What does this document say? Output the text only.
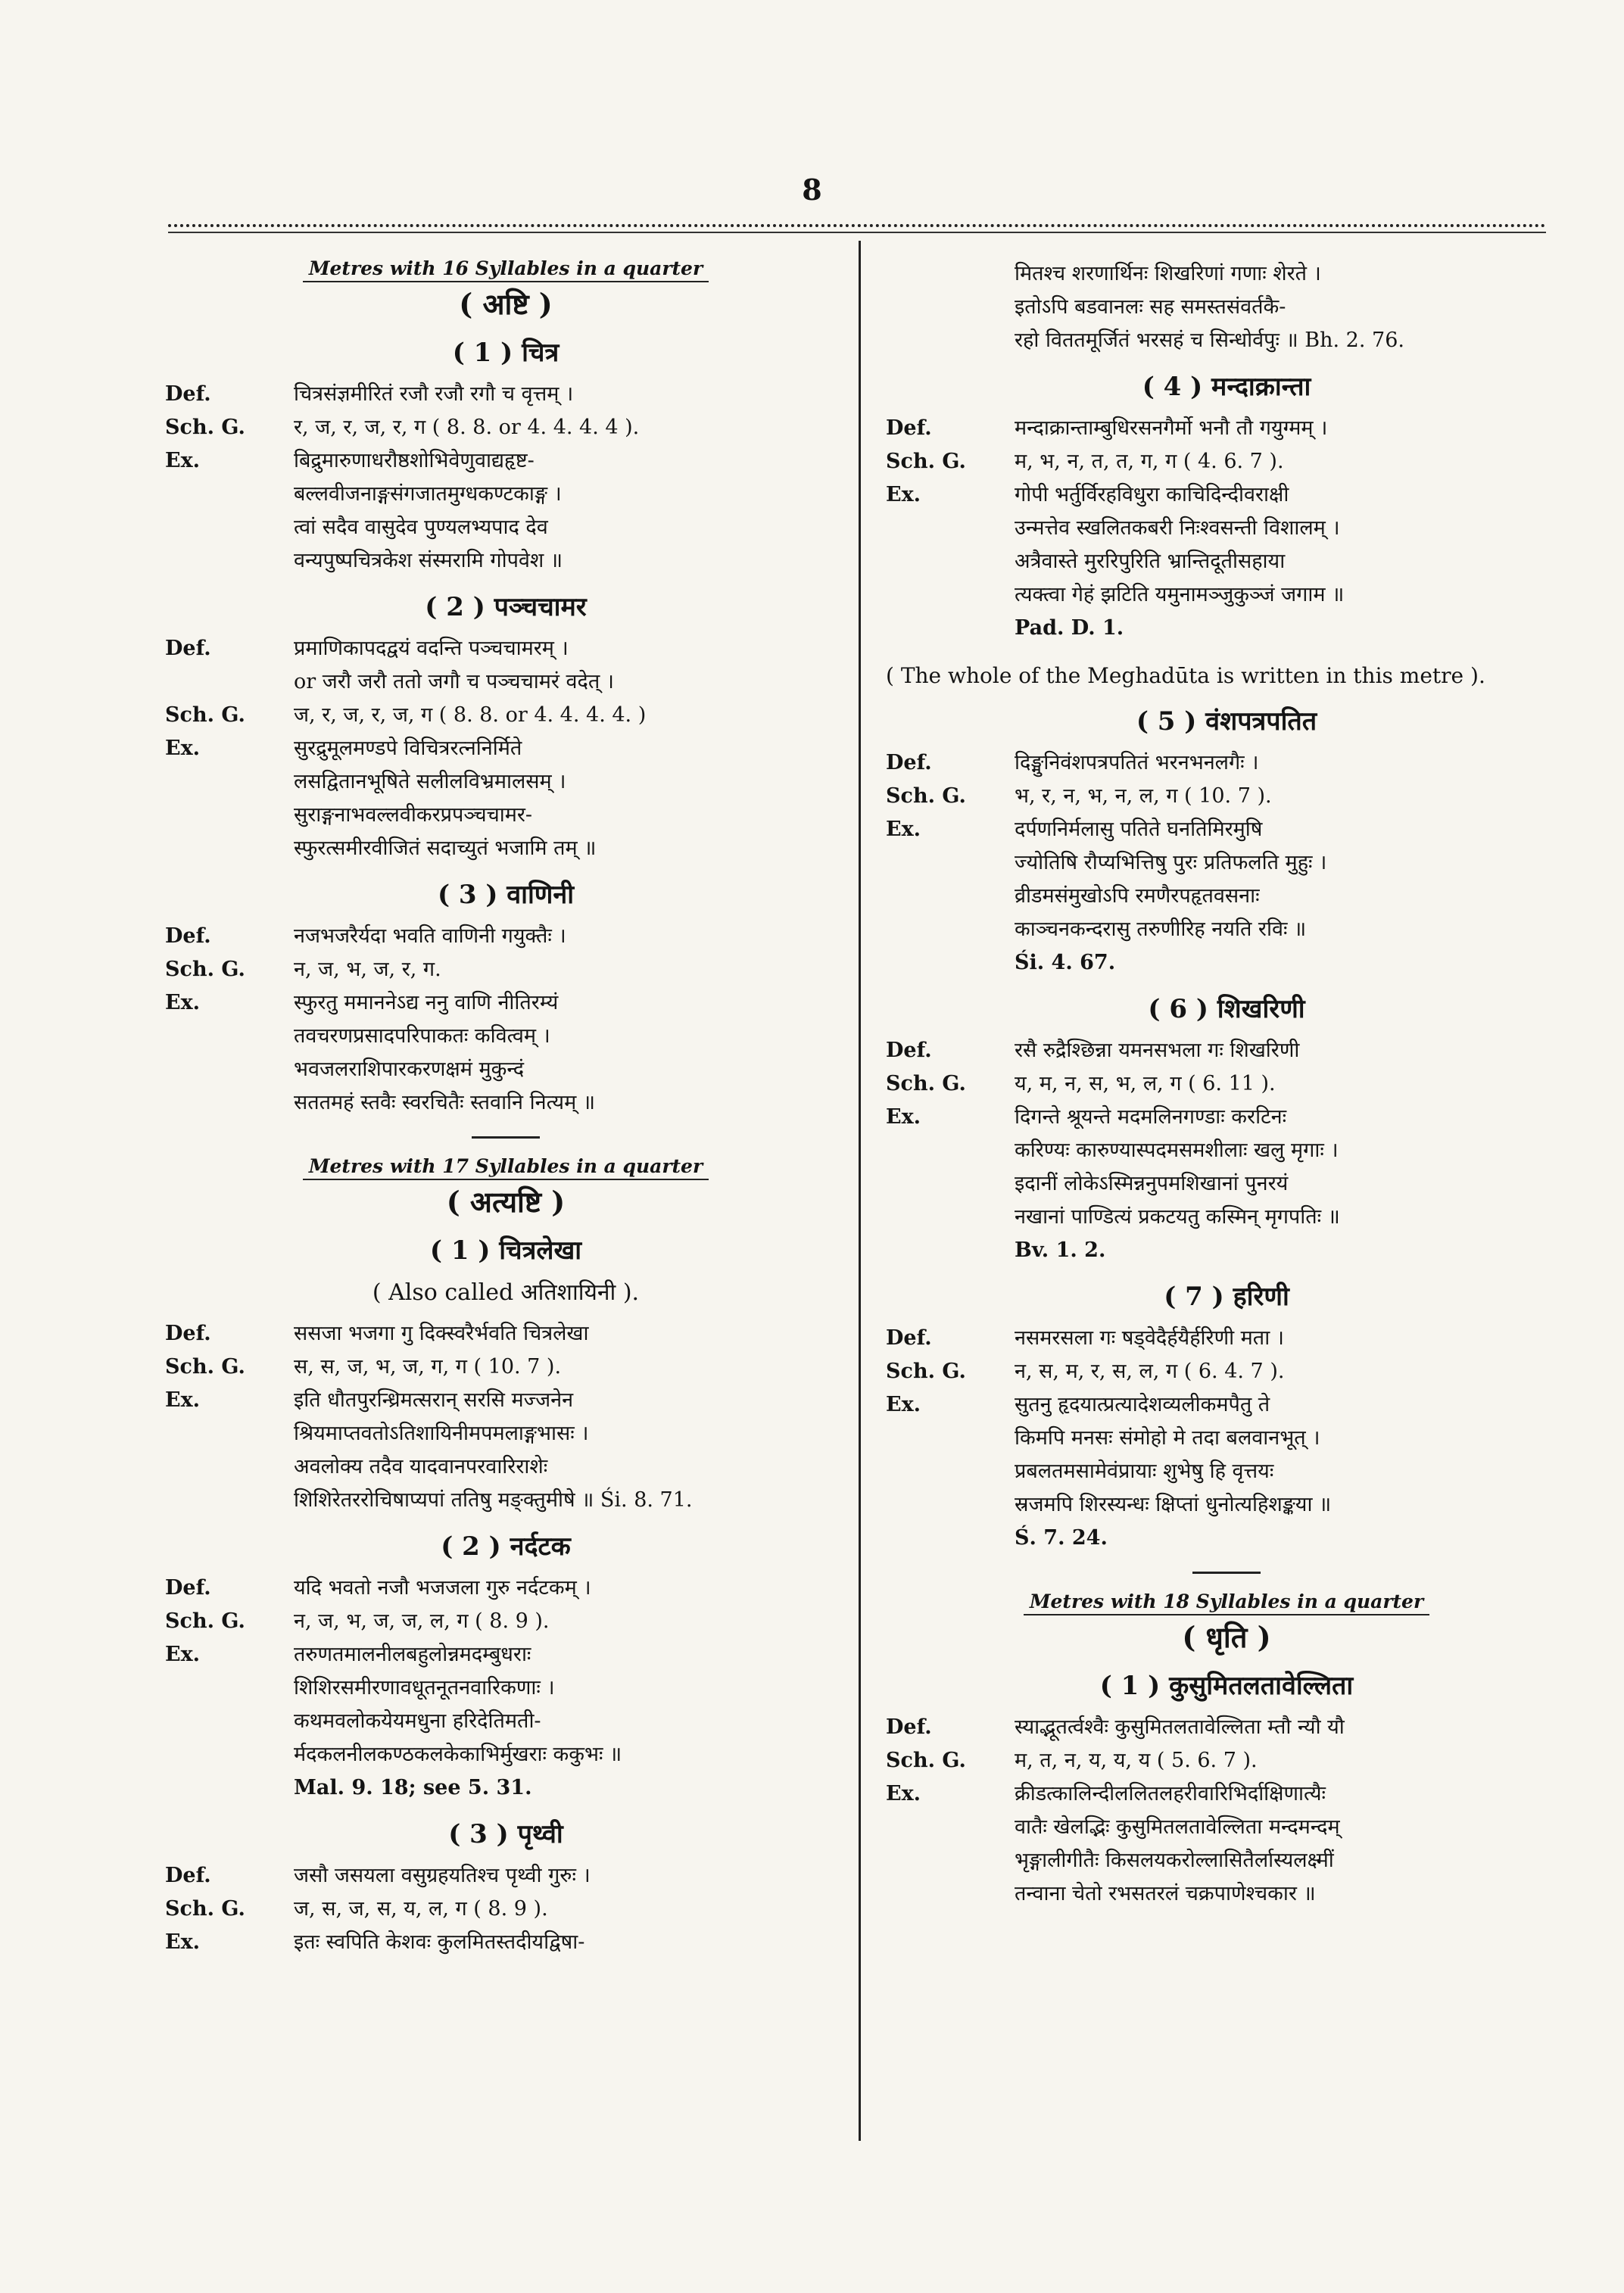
8
Metres with 16 Syllables in a quarter
( अष्टि )
( 1 ) चित्र
Def.	चित्रसंज्ञमीरितं रजौ रजौ रगौ च वृत्तम् ।
Sch. G.	र, ज, र, ज, र, ग ( 8. 8. or 4. 4. 4. 4 ).
Ex.	बिद्रुमारुणाधरौष्ठशोभिवेणुवाद्यहृष्ट-
बल्लवीजनाङ्गसंगजातमुग्धकण्टकाङ्ग ।
त्वां सदैव वासुदेव पुण्यलभ्यपाद देव
वन्यपुष्पचित्रकेश संस्मरामि गोपवेश ॥
( 2 ) पञ्चचामर
Def.	प्रमाणिकापदद्वयं वदन्ति पञ्चचामरम् ।
or जरौ जरौ ततो जगौ च पञ्चचामरं वदेत् ।
Sch. G.	ज, र, ज, र, ज, ग ( 8. 8. or 4. 4. 4. 4. )
Ex.	सुरद्रुमूलमण्डपे विचित्ररत्ननिर्मिते
लसद्वितानभूषिते सलीलविभ्रमालसम् ।
सुराङ्गनाभवल्लवीकरप्रपञ्चचामर-
स्फुरत्समीरवीजितं सदाच्युतं भजामि तम् ॥
( 3 ) वाणिनी
Def.	नजभजरैर्यदा भवति वाणिनी गयुक्तैः ।
Sch. G.	न, ज, भ, ज, र, ग.
Ex.	स्फुरतु ममाननेऽद्य ननु वाणि नीतिरम्यं
तवचरणप्रसादपरिपाकतः कवित्वम् ।
भवजलराशिपारकरणक्षमं मुकुन्दं
सततमहं स्तवैः स्वरचितैः स्तवानि नित्यम् ॥
Metres with 17 Syllables in a quarter
( अत्यष्टि )
( 1 ) चित्रलेखा
( Also called अतिशायिनी ).
Def.	ससजा भजगा गु दिक्स्वरैर्भवति चित्रलेखा
Sch. G.	स, स, ज, भ, ज, ग, ग ( 10. 7 ).
Ex.	इति धौतपुरन्ध्रिमत्सरान् सरसि मज्जनेन
श्रियमाप्तवतोऽतिशायिनीमपमलाङ्गभासः ।
अवलोक्य तदैव यादवानपरवारिराशेः
शिशिरेतररोचिषाप्यपां ततिषु मङ्क्तुमीषे ॥ Śi. 8. 71.
( 2 ) नर्दटक
Def.	यदि भवतो नजौ भजजला गुरु नर्दटकम् ।
Sch. G.	न, ज, भ, ज, ज, ल, ग ( 8. 9 ).
Ex.	तरुणतमालनीलबहुलोन्नमदम्बुधराः
शिशिरसमीरणावधूतनूतनवारिकणाः ।
कथमवलोकयेयमधुना हरिदेतिमती-
र्मदकलनीलकण्ठकलकेकाभिर्मुखराः ककुभः ॥
Mal. 9. 18; see 5. 31.
( 3 ) पृथ्वी
Def.	जसौ जसयला वसुग्रहयतिश्च पृथ्वी गुरुः ।
Sch. G.	ज, स, ज, स, य, ल, ग ( 8. 9 ).
Ex.	इतः स्वपिति केशवः कुलमितस्तदीयद्विषा-
मितश्च शरणार्थिनः शिखरिणां गणाः शेरते ।
इतोऽपि बडवानलः सह समस्तसंवर्तकै-
रहो विततमूर्जितं भरसहं च सिन्धोर्वपुः ॥ Bh. 2. 76.
( 4 ) मन्दाक्रान्ता
Def.	मन्दाक्रान्ताम्बुधिरसनगैर्मो भनौ तौ गयुग्मम् ।
Sch. G.	म, भ, न, त, त, ग, ग ( 4. 6. 7 ).
Ex.	गोपी भर्तुर्विरहविधुरा काचिदिन्दीवराक्षी
उन्मत्तेव स्खलितकबरी निःश्वसन्ती विशालम् ।
अत्रैवास्ते मुररिपुरिति भ्रान्तिदूतीसहाया
त्यक्त्वा गेहं झटिति यमुनामञ्जुकुञ्जं जगाम ॥
Pad. D. 1.
( The whole of the Meghadūta is written in this metre ).
( 5 ) वंशपत्रपतित
Def.	दिङ्मुनिवंशपत्रपतितं भरनभनलगैः ।
Sch. G.	भ, र, न, भ, न, ल, ग ( 10. 7 ).
Ex.	दर्पणनिर्मलासु पतिते घनतिमिरमुषि
ज्योतिषि रौप्यभित्तिषु पुरः प्रतिफलति मुहुः ।
व्रीडमसंमुखोऽपि रमणैरपहृतवसनाः
काञ्चनकन्दरासु तरुणीरिह नयति रविः ॥
Śi. 4. 67.
( 6 ) शिखरिणी
Def.	रसै रुद्रैश्छिन्ना यमनसभला गः शिखरिणी
Sch. G.	य, म, न, स, भ, ल, ग ( 6. 11 ).
Ex.	दिगन्ते श्रूयन्ते मदमलिनगण्डाः करटिनः
करिण्यः कारुण्यास्पदमसमशीलाः खलु मृगाः ।
इदानीं लोकेऽस्मिन्ननुपमशिखानां पुनरयं
नखानां पाण्डित्यं प्रकटयतु कस्मिन् मृगपतिः ॥
Bv. 1. 2.
( 7 ) हरिणी
Def.	नसमरसला गः षड्वेदैर्हयैर्हरिणी मता ।
Sch. G.	न, स, म, र, स, ल, ग ( 6. 4. 7 ).
Ex.	सुतनु हृदयात्प्रत्यादेशव्यलीकमपैतु ते
किमपि मनसः संमोहो मे तदा बलवानभूत् ।
प्रबलतमसामेवंप्रायाः शुभेषु हि वृत्तयः
स्रजमपि शिरस्यन्धः क्षिप्तां धुनोत्यहिशङ्कया ॥
Ś. 7. 24.
Metres with 18 Syllables in a quarter
( धृति )
( 1 ) कुसुमितलतावेल्लिता
Def.	स्याद्भूतर्त्वश्वैः कुसुमितलतावेल्लिता म्तौ न्यौ यौ
Sch. G.	म, त, न, य, य, य ( 5. 6. 7 ).
Ex.	क्रीडत्कालिन्दीललितलहरीवारिभिर्दाक्षिणात्यैः
वातैः खेलद्भिः कुसुमितलतावेल्लिता मन्दमन्दम्
भृङ्गालीगीतैः किसलयकरोल्लासितैर्लास्यलक्ष्मीं
तन्वाना चेतो रभसतरलं चक्रपाणेश्चकार ॥
